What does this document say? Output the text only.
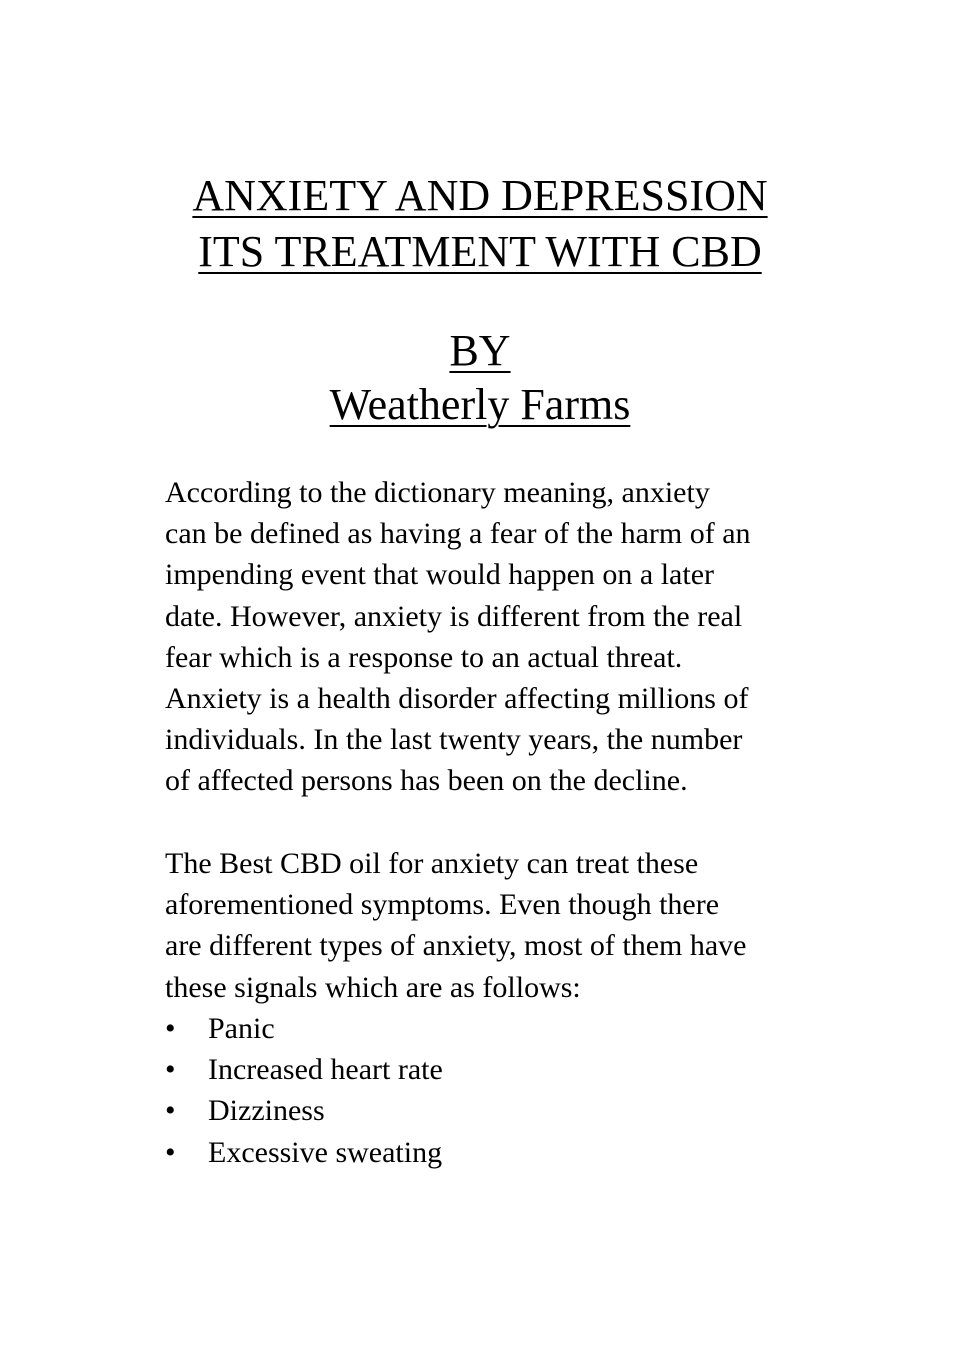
ANXIETY AND DEPRESSION
ITS TREATMENT WITH CBD
BY
Weatherly Farms
According to the dictionary meaning, anxiety
can be defined as having a fear of the harm of an
impending event that would happen on a later
date. However, anxiety is different from the real
fear which is a response to an actual threat.
Anxiety is a health disorder affecting millions of
individuals. In the last twenty years, the number
of affected persons has been on the decline.
The Best CBD oil for anxiety can treat these
aforementioned symptoms. Even though there
are different types of anxiety, most of them have
these signals which are as follows:
•	Panic
•	Increased heart rate
•	Dizziness
•	Excessive sweating
